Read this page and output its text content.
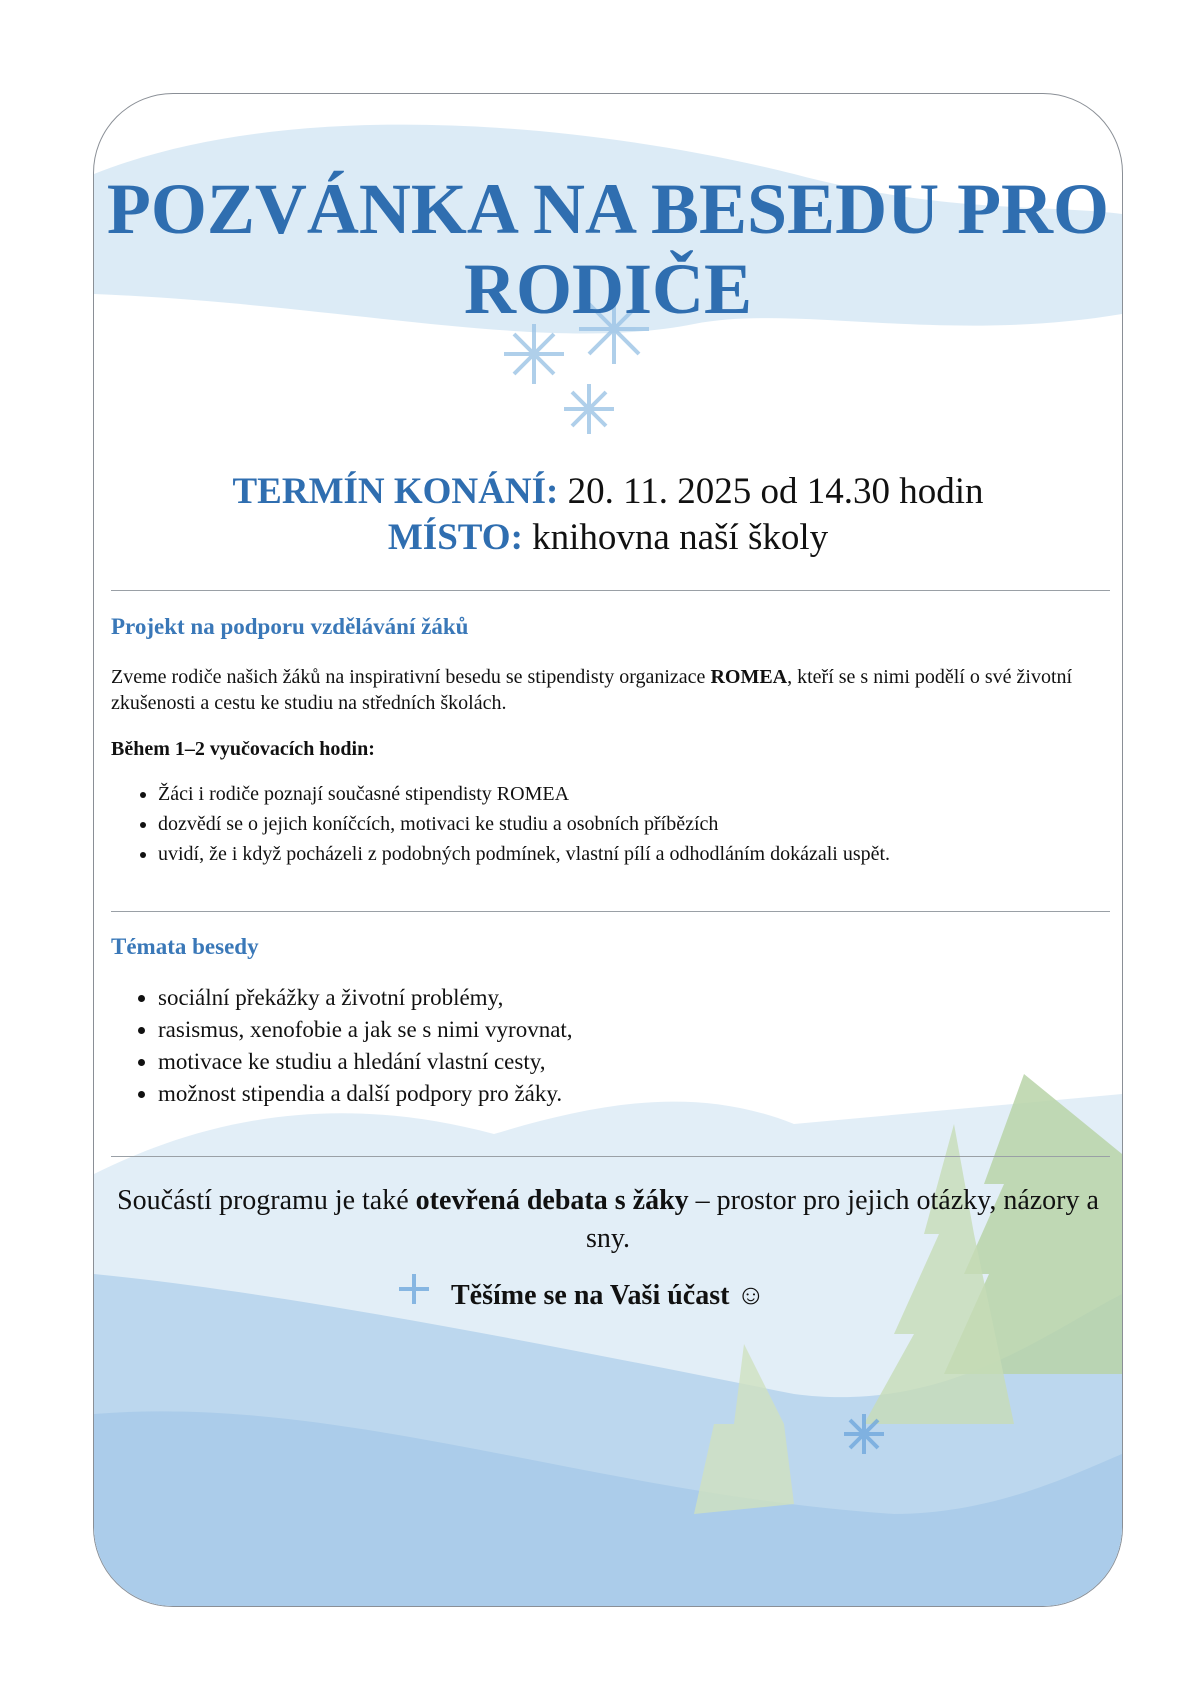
POZVÁNKA NA BESEDU PRO
RODIČE
TERMÍN KONÁNÍ: 20. 11. 2025 od 14.30 hodin
MÍSTO: knihovna naší školy
Projekt na podporu vzdělávání žáků
Zveme rodiče našich žáků na inspirativní besedu se stipendisty organizace ROMEA, kteří se s nimi podělí o své životní zkušenosti a cestu ke studiu na středních školách.
Během 1–2 vyučovacích hodin:
• Žáci i rodiče poznají současné stipendisty ROMEA
• dozvědí se o jejich koníčcích, motivaci ke studiu a osobních příbězích
• uvidí, že i když pocházeli z podobných podmínek, vlastní pílí a odhodláním dokázali uspět.
Témata besedy
• sociální překážky a životní problémy,
• rasismus, xenofobie a jak se s nimi vyrovnat,
• motivace ke studiu a hledání vlastní cesty,
• možnost stipendia a další podpory pro žáky.
Součástí programu je také otevřená debata s žáky – prostor pro jejich otázky, názory a sny.
Těšíme se na Vaši účast ☺
